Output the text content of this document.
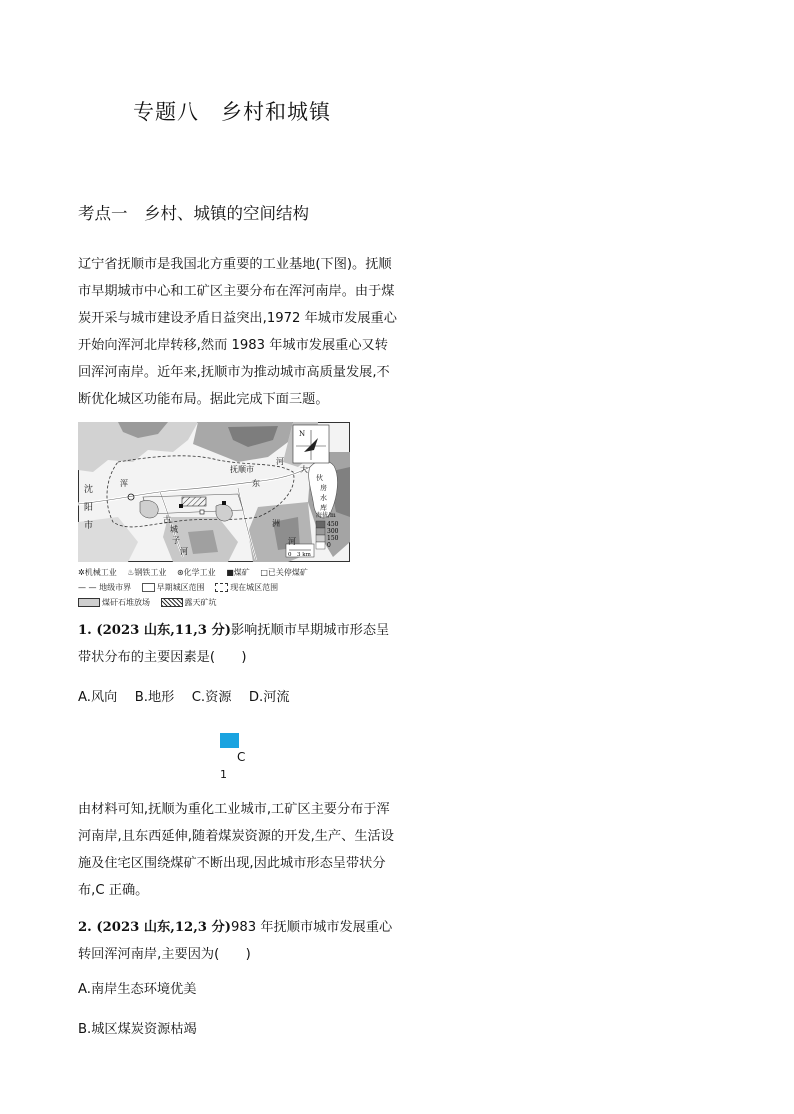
专题八　乡村和城镇
考点一　乡村、城镇的空间结构
辽宁省抚顺市是我国北方重要的工业基地(下图)。抚顺市早期城市中心和工矿区主要分布在浑河南岸。由于煤炭开采与城市建设矛盾日益突出,1972 年城市发展重心开始向浑河北岸转移,然而 1983 年城市发展重心又转回浑河南岸。近年来,抚顺市为推动城市高质量发展,不断优化城区功能布局。据此完成下面三题。
N
海拔/m
450
300
150
0
0　3 km
沈
阳
市
抚顺市
浑
河
东
洲
河
古
城
子
河
大
伙
房
水
库
✲机械工业　 ♨钢铁工业　 ⊛化学工业　 ■煤矿　 □已关停煤矿
— — 地级市界　	早期城区范围　	现在城区范围
煤矸石堆放场　	露天矿坑
1. (2023 山东,11,3 分)影响抚顺市早期城市形态呈带状分布的主要因素是(　　)
A.风向　 B.地形　 C.资源　 D.河流
C
1
由材料可知,抚顺为重化工业城市,工矿区主要分布于浑河南岸,且东西延伸,随着煤炭资源的开发,生产、生活设施及住宅区围绕煤矿不断出现,因此城市形态呈带状分布,C 正确。
2. (2023 山东,12,3 分)983 年抚顺市城市发展重心转回浑河南岸,主要因为(　　)
A.南岸生态环境优美
B.城区煤炭资源枯竭
